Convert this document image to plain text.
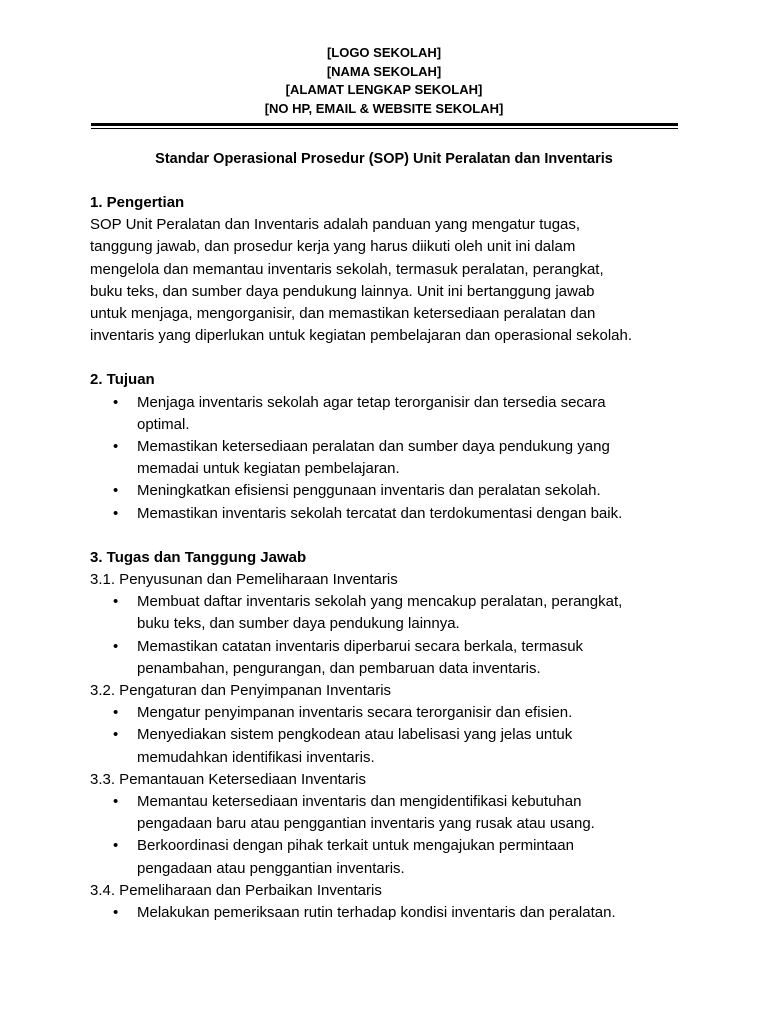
[LOGO SEKOLAH]
[NAMA SEKOLAH]
[ALAMAT LENGKAP SEKOLAH]
[NO HP, EMAIL & WEBSITE SEKOLAH]
Standar Operasional Prosedur (SOP) Unit Peralatan dan Inventaris
1. Pengertian

SOP Unit Peralatan dan Inventaris adalah panduan yang mengatur tugas,

tanggung jawab, dan prosedur kerja yang harus diikuti oleh unit ini dalam

mengelola dan memantau inventaris sekolah, termasuk peralatan, perangkat,

buku teks, dan sumber daya pendukung lainnya. Unit ini bertanggung jawab

untuk menjaga, mengorganisir, dan memastikan ketersediaan peralatan dan

inventaris yang diperlukan untuk kegiatan pembelajaran dan operasional sekolah.

2. Tujuan
• Menjaga inventaris sekolah agar tetap terorganisir dan tersedia secara
optimal.
• Memastikan ketersediaan peralatan dan sumber daya pendukung yang
memadai untuk kegiatan pembelajaran.
• Meningkatkan efisiensi penggunaan inventaris dan peralatan sekolah.
• Memastikan inventaris sekolah tercatat dan terdokumentasi dengan baik.
3. Tugas dan Tanggung Jawab
3.1. Penyusunan dan Pemeliharaan Inventaris
• Membuat daftar inventaris sekolah yang mencakup peralatan, perangkat,
buku teks, dan sumber daya pendukung lainnya.
• Memastikan catatan inventaris diperbarui secara berkala, termasuk
penambahan, pengurangan, dan pembaruan data inventaris.
3.2. Pengaturan dan Penyimpanan Inventaris
• Mengatur penyimpanan inventaris secara terorganisir dan efisien.
• Menyediakan sistem pengkodean atau labelisasi yang jelas untuk
memudahkan identifikasi inventaris.
3.3. Pemantauan Ketersediaan Inventaris
• Memantau ketersediaan inventaris dan mengidentifikasi kebutuhan
pengadaan baru atau penggantian inventaris yang rusak atau usang.
• Berkoordinasi dengan pihak terkait untuk mengajukan permintaan
pengadaan atau penggantian inventaris.
3.4. Pemeliharaan dan Perbaikan Inventaris
• Melakukan pemeriksaan rutin terhadap kondisi inventaris dan peralatan.
